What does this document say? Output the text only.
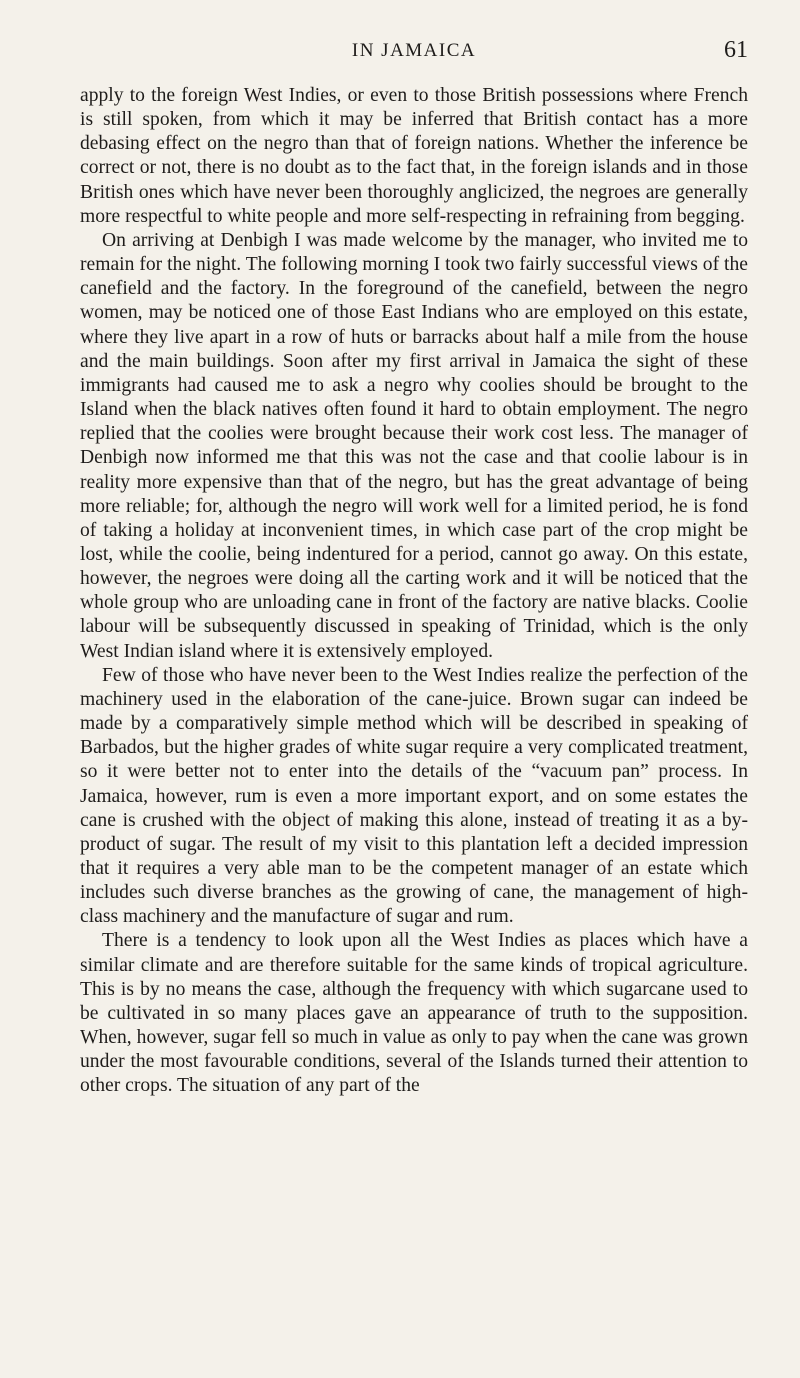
IN JAMAICA	61

apply to the foreign West Indies, or even to those British possessions where French is still spoken, from which it may be inferred that British contact has a more debasing effect on the negro than that of foreign nations. Whether the inference be correct or not, there is no doubt as to the fact that, in the foreign islands and in those British ones which have never been thoroughly anglicized, the negroes are generally more respectful to white people and more self-respecting in refraining from begging.

On arriving at Denbigh I was made welcome by the manager, who invited me to remain for the night. The following morning I took two fairly successful views of the canefield and the factory. In the foreground of the canefield, between the negro women, may be noticed one of those East Indians who are employed on this estate, where they live apart in a row of huts or barracks about half a mile from the house and the main buildings. Soon after my first arrival in Jamaica the sight of these immigrants had caused me to ask a negro why coolies should be brought to the Island when the black natives often found it hard to obtain employment. The negro replied that the coolies were brought because their work cost less. The manager of Denbigh now informed me that this was not the case and that coolie labour is in reality more expensive than that of the negro, but has the great advantage of being more reliable; for, although the negro will work well for a limited period, he is fond of taking a holiday at inconvenient times, in which case part of the crop might be lost, while the coolie, being indentured for a period, cannot go away. On this estate, however, the negroes were doing all the carting work and it will be noticed that the whole group who are unloading cane in front of the factory are native blacks. Coolie labour will be subsequently discussed in speaking of Trinidad, which is the only West Indian island where it is extensively employed.

Few of those who have never been to the West Indies realize the perfection of the machinery used in the elaboration of the cane-juice. Brown sugar can indeed be made by a comparatively simple method which will be described in speaking of Barbados, but the higher grades of white sugar require a very complicated treatment, so it were better not to enter into the details of the “vacuum pan” process. In Jamaica, however, rum is even a more important export, and on some estates the cane is crushed with the object of making this alone, instead of treating it as a by-product of sugar. The result of my visit to this plantation left a decided impression that it requires a very able man to be the competent manager of an estate which includes such diverse branches as the growing of cane, the management of high-class machinery and the manufacture of sugar and rum.

There is a tendency to look upon all the West Indies as places which have a similar climate and are therefore suitable for the same kinds of tropical agriculture. This is by no means the case, although the frequency with which sugarcane used to be cultivated in so many places gave an appearance of truth to the supposition. When, however, sugar fell so much in value as only to pay when the cane was grown under the most favourable conditions, several of the Islands turned their attention to other crops. The situation of any part of the
